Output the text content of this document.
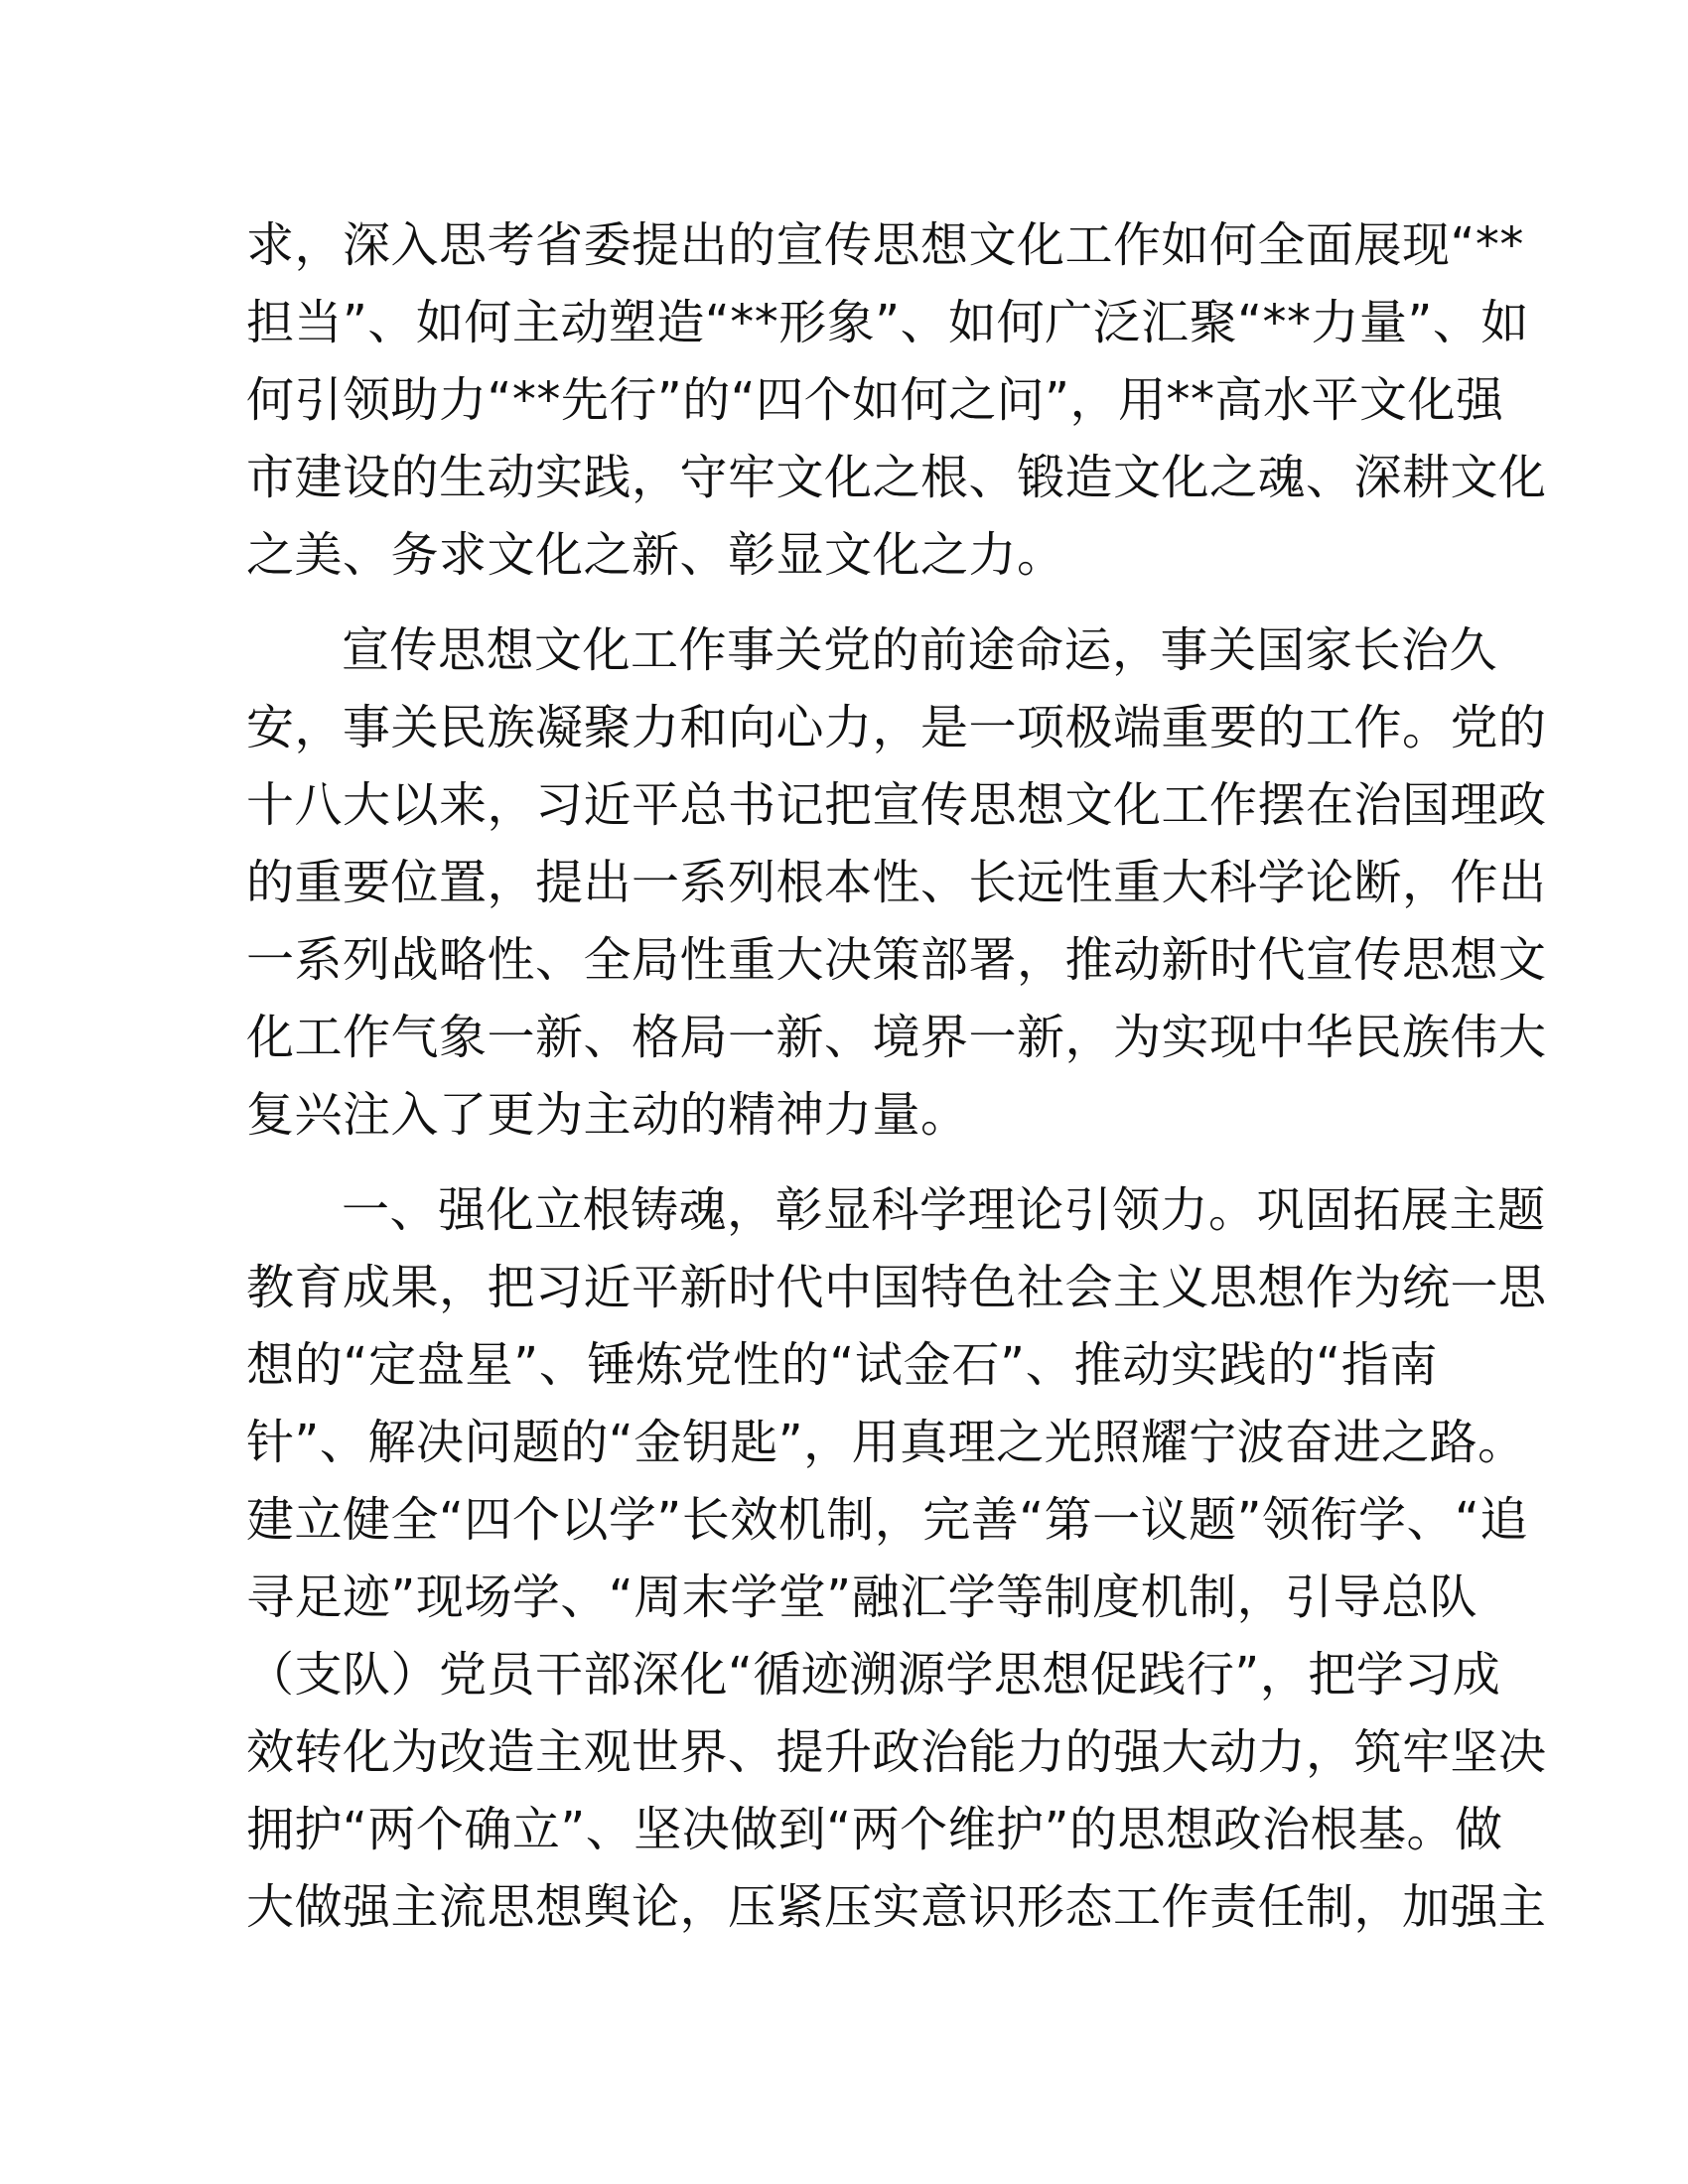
求，深入思考省委提出的宣传思想文化工作如何全面展现“**
担当”、如何主动塑造“**形象”、如何广泛汇聚“**力量”、如
何引领助力“**先行”的“四个如何之问”，用**高水平文化强
市建设的生动实践，守牢文化之根、锻造文化之魂、深耕文化
之美、务求文化之新、彰显文化之力。
宣传思想文化工作事关党的前途命运，事关国家长治久
安，事关民族凝聚力和向心力，是一项极端重要的工作。党的
十八大以来，习近平总书记把宣传思想文化工作摆在治国理政
的重要位置，提出一系列根本性、长远性重大科学论断，作出
一系列战略性、全局性重大决策部署，推动新时代宣传思想文
化工作气象一新、格局一新、境界一新，为实现中华民族伟大
复兴注入了更为主动的精神力量。
一、强化立根铸魂，彰显科学理论引领力。巩固拓展主题
教育成果，把习近平新时代中国特色社会主义思想作为统一思
想的“定盘星”、锤炼党性的“试金石”、推动实践的“指南
针”、解决问题的“金钥匙”，用真理之光照耀宁波奋进之路。
建立健全“四个以学”长效机制，完善“第一议题”领衔学、“追
寻足迹”现场学、“周末学堂”融汇学等制度机制，引导总队
（支队）党员干部深化“循迹溯源学思想促践行”，把学习成
效转化为改造主观世界、提升政治能力的强大动力，筑牢坚决
拥护“两个确立”、坚决做到“两个维护”的思想政治根基。做
大做强主流思想舆论，压紧压实意识形态工作责任制，加强主
